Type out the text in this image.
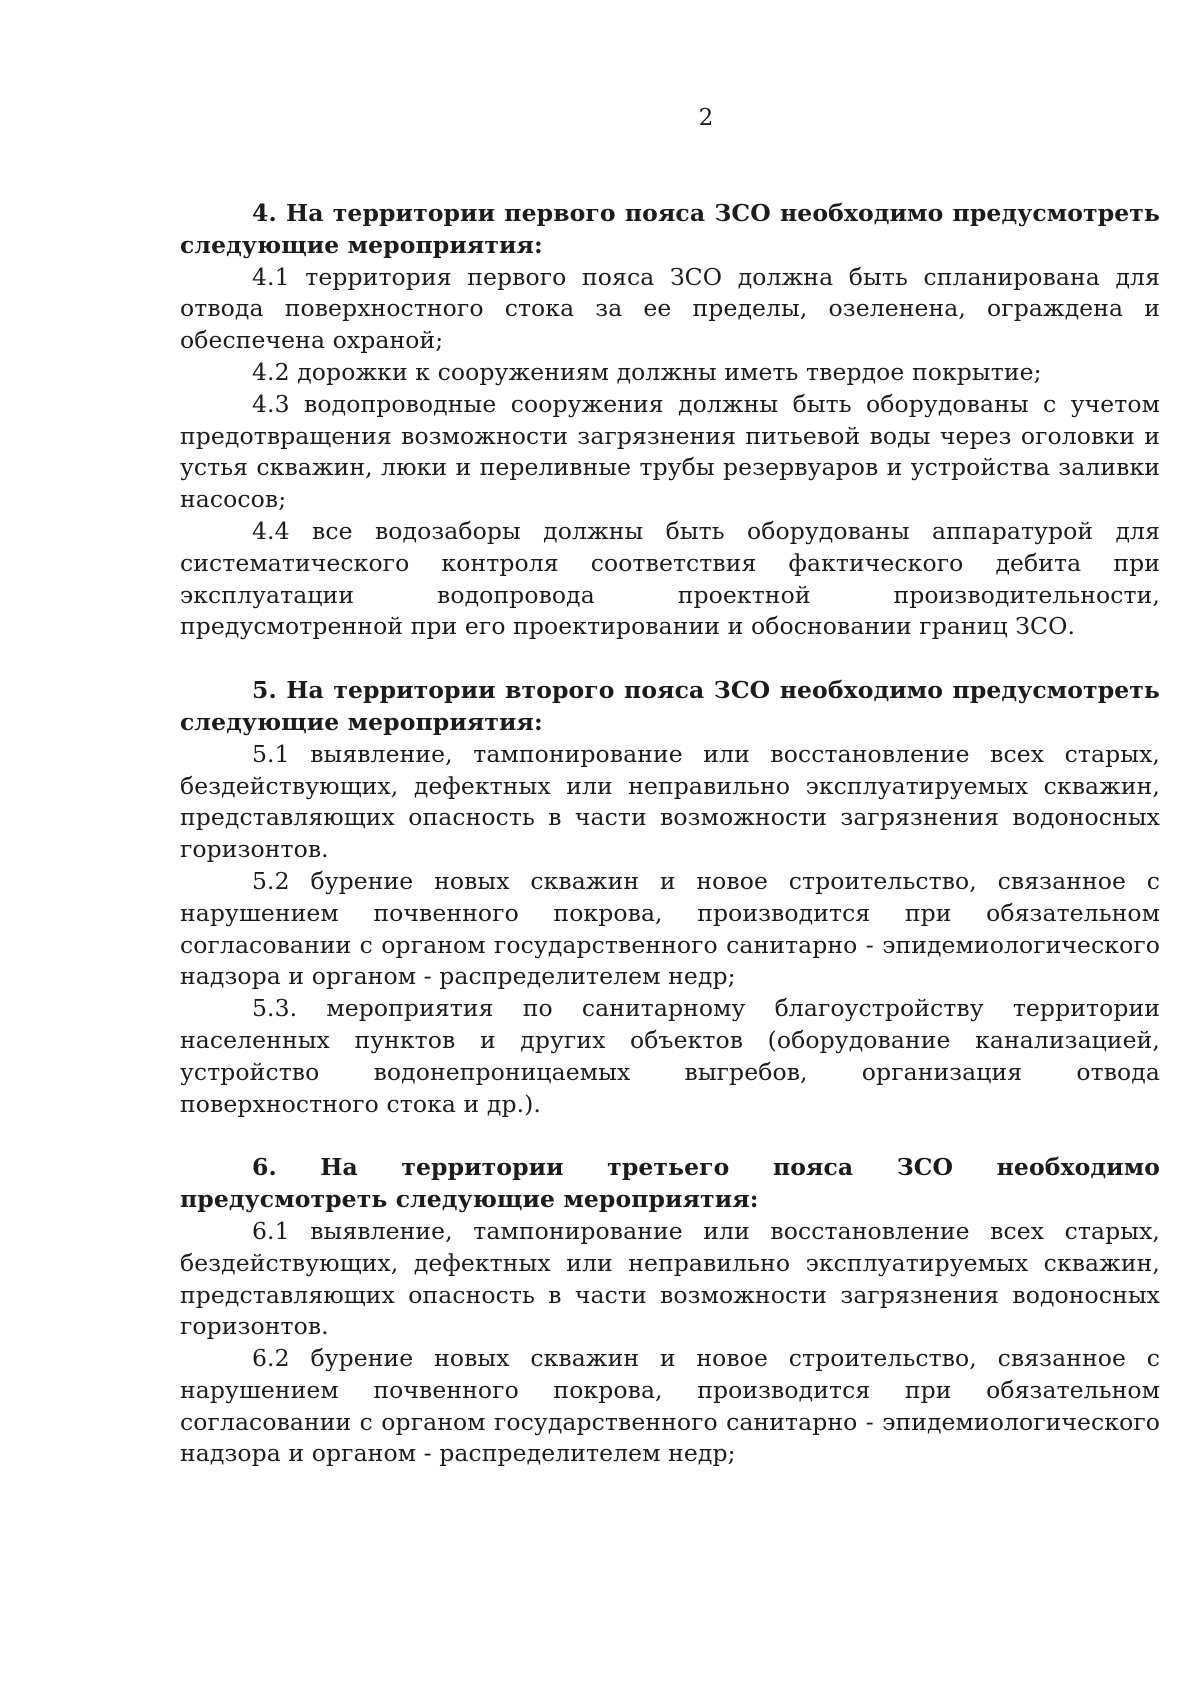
2

4. На территории первого пояса ЗСО необходимо предусмотреть следующие мероприятия:

4.1 территория первого пояса ЗСО должна быть спланирована для отвода поверхностного стока за ее пределы, озеленена, ограждена и обеспечена охраной;

4.2 дорожки к сооружениям должны иметь твердое покрытие;

4.3 водопроводные сооружения должны быть оборудованы с учетом предотвращения возможности загрязнения питьевой воды через оголовки и устья скважин, люки и переливные трубы резервуаров и устройства заливки насосов;

4.4 все водозаборы должны быть оборудованы аппаратурой для систематического контроля соответствия фактического дебита при эксплуатации водопровода проектной производительности, предусмотренной при его проектировании и обосновании границ ЗСО.

5. На территории второго пояса ЗСО необходимо предусмотреть следующие мероприятия:

5.1 выявление, тампонирование или восстановление всех старых, бездействующих, дефектных или неправильно эксплуатируемых скважин, представляющих опасность в части возможности загрязнения водоносных горизонтов.

5.2 бурение новых скважин и новое строительство, связанное с нарушением почвенного покрова, производится при обязательном согласовании с органом государственного санитарно - эпидемиологического надзора и органом - распределителем недр;

5.3. мероприятия по санитарному благоустройству территории населенных пунктов и других объектов (оборудование канализацией, устройство водонепроницаемых выгребов, организация отвода поверхностного стока и др.).

6. На территории третьего пояса ЗСО необходимо предусмотреть следующие мероприятия:

6.1 выявление, тампонирование или восстановление всех старых, бездействующих, дефектных или неправильно эксплуатируемых скважин, представляющих опасность в части возможности загрязнения водоносных горизонтов.

6.2 бурение новых скважин и новое строительство, связанное с нарушением почвенного покрова, производится при обязательном согласовании с органом государственного санитарно - эпидемиологического надзора и органом - распределителем недр;
